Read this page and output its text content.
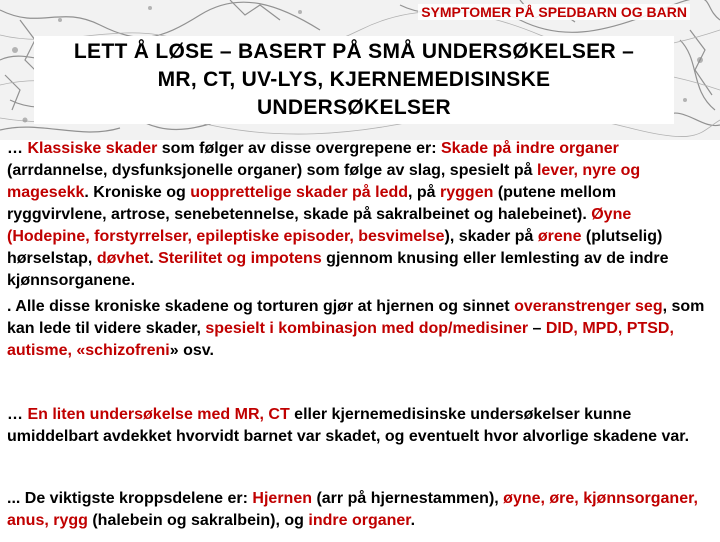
SYMPTOMER PÅ SPEDBARN OG BARN
LETT Å LØSE – BASERT PÅ SMÅ UNDERSØKELSER –
MR, CT, UV-LYS, KJERNEMEDISINSKE
UNDERSØKELSER

… Klassiske skader som følger av disse overgrepene er: Skade på indre organer (arrdannelse, dysfunksjonelle organer) som følge av slag, spesielt på lever, nyre og magesekk. Kroniske og uopprettelige skader på ledd, på ryggen (putene mellom ryggvirvlene, artrose, senebetennelse, skade på sakralbeinet og halebeinet). Øyne (Hodepine, forstyrrelser, epileptiske episoder, besvimelse), skader på ørene (plutselig) hørselstap, døvhet. Sterilitet og impotens gjennom knusing eller lemlesting av de indre kjønnsorganene.

. Alle disse kroniske skadene og torturen gjør at hjernen og sinnet overanstrenger seg, som kan lede til videre skader, spesielt i kombinasjon med dop/medisiner – DID, MPD, PTSD, autisme, «schizofreni» osv.

… En liten undersøkelse med MR, CT eller kjernemedisinske undersøkelser kunne umiddelbart avdekket hvorvidt barnet var skadet, og eventuelt hvor alvorlige skadene var.

... De viktigste kroppsdelene er: Hjernen (arr på hjernestammen), øyne, øre, kjønnsorganer, anus, rygg (halebein og sakralbein), og indre organer.
